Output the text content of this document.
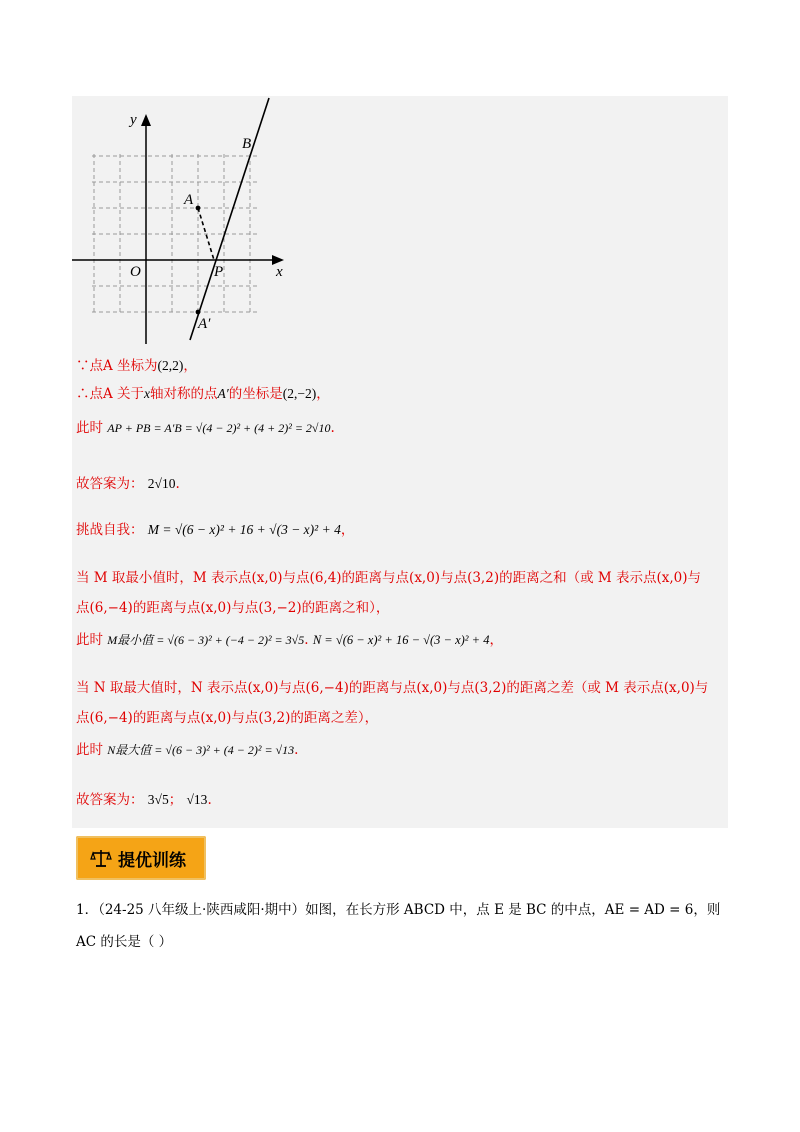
y
x
O
A
B
P
A′
∵点A 坐标为(2,2)，
∴点A 关于x轴对称的点A′的坐标是(2,−2)，
此时 AP + PB = A′B = √(4 − 2)² + (4 + 2)² = 2√10.
故答案为： 2√10.
挑战自我： M = √(6 − x)² + 16 + √(3 − x)² + 4，
当 M 取最小值时，M 表示点(x,0)与点(6,4)的距离与点(x,0)与点(3,2)的距离之和（或 M 表示点(x,0)与
点(6,−4)的距离与点(x,0)与点(3,−2)的距离之和），
此时 M最小值 = √(6 − 3)² + (−4 − 2)² = 3√5. N = √(6 − x)² + 16 − √(3 − x)² + 4，
当 N 取最大值时，N 表示点(x,0)与点(6,−4)的距离与点(x,0)与点(3,2)的距离之差（或 M 表示点(x,0)与
点(6,−4)的距离与点(x,0)与点(3,2)的距离之差），
此时 N最大值 = √(6 − 3)² + (4 − 2)² = √13.
故答案为： 3√5； √13.
提优训练
1．（24-25 八年级上·陕西咸阳·期中）如图，在长方形 ABCD 中，点 E 是 BC 的中点，AE = AD = 6，则
AC 的长是（ ）
